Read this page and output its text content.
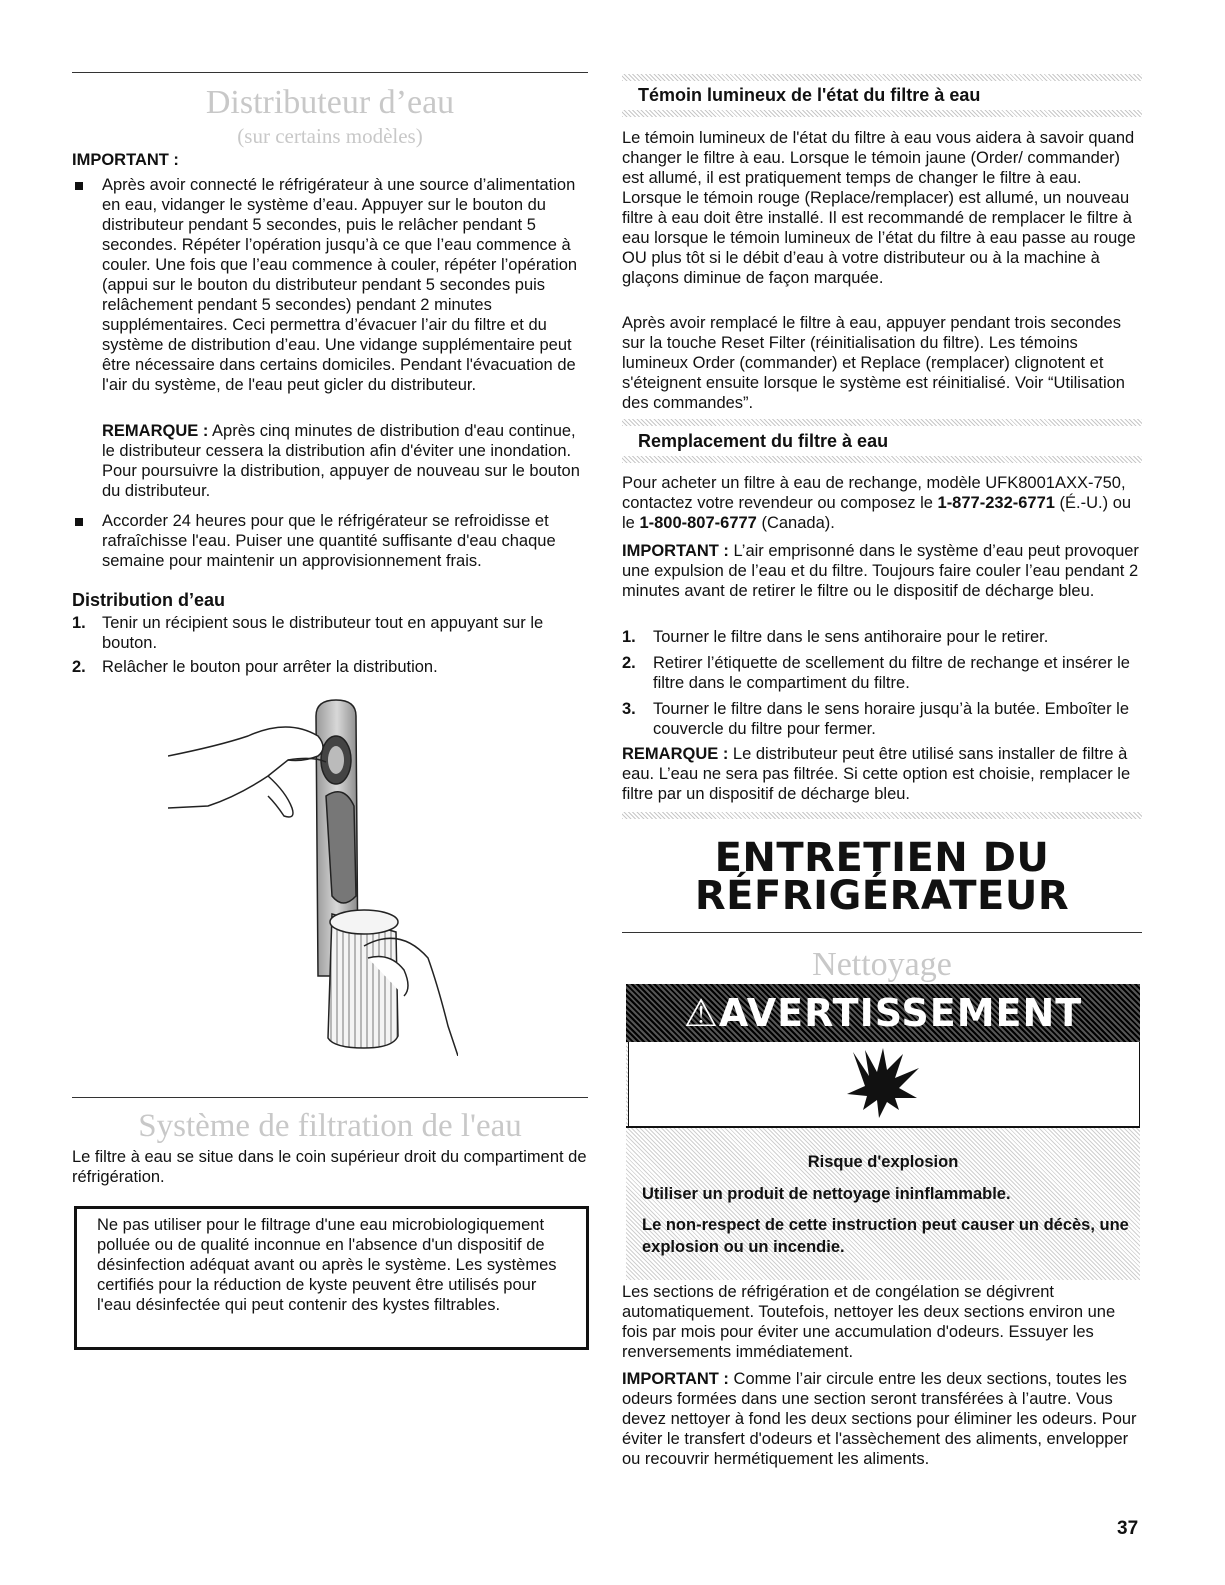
Distributeur d’eau
(sur certains modèles)
IMPORTANT :
Après avoir connecté le réfrigérateur à une source d’alimentation en eau, vidanger le système d’eau. Appuyer sur le bouton du distributeur pendant 5 secondes, puis le relâcher pendant 5 secondes. Répéter l’opération jusqu’à ce que l’eau commence à couler. Une fois que l’eau commence à couler, répéter l’opération (appui sur le bouton du distributeur pendant 5 secondes puis relâchement pendant 5 secondes) pendant 2 minutes supplémentaires. Ceci permettra d’évacuer l’air du filtre et du système de distribution d’eau. Une vidange supplémentaire peut être nécessaire dans certains domiciles. Pendant l'évacuation de l'air du système, de l'eau peut gicler du distributeur.
REMARQUE : Après cinq minutes de distribution d'eau continue, le distributeur cessera la distribution afin d'éviter une inondation. Pour poursuivre la distribution, appuyer de nouveau sur le bouton du distributeur.
Accorder 24 heures pour que le réfrigérateur se refroidisse et rafraîchisse l'eau. Puiser une quantité suffisante d'eau chaque semaine pour maintenir un approvisionnement frais.
Distribution d’eau
1. Tenir un récipient sous le distributeur tout en appuyant sur le bouton.
2. Relâcher le bouton pour arrêter la distribution.
Système de filtration de l'eau
Le filtre à eau se situe dans le coin supérieur droit du compartiment de réfrigération.
Ne pas utiliser pour le filtrage d'une eau microbiologiquement polluée ou de qualité inconnue en l'absence d'un dispositif de désinfection adéquat avant ou après le système. Les systèmes certifiés pour la réduction de kyste peuvent être utilisés pour l'eau désinfectée qui peut contenir des kystes filtrables.
Témoin lumineux de l'état du filtre à eau
Le témoin lumineux de l'état du filtre à eau vous aidera à savoir quand changer le filtre à eau. Lorsque le témoin jaune (Order/ commander) est allumé, il est pratiquement temps de changer le filtre à eau. Lorsque le témoin rouge (Replace/remplacer) est allumé, un nouveau filtre à eau doit être installé. Il est recommandé de remplacer le filtre à eau lorsque le témoin lumineux de l’état du filtre à eau passe au rouge OU plus tôt si le débit d’eau à votre distributeur ou à la machine à glaçons diminue de façon marquée.
Après avoir remplacé le filtre à eau, appuyer pendant trois secondes sur la touche Reset Filter (réinitialisation du filtre). Les témoins lumineux Order (commander) et Replace (remplacer) clignotent et s'éteignent ensuite lorsque le système est réinitialisé. Voir “Utilisation des commandes”.
Remplacement du filtre à eau
Pour acheter un filtre à eau de rechange, modèle UFK8001AXX-750, contactez votre revendeur ou composez le 1-877-232-6771 (É.-U.) ou le 1-800-807-6777 (Canada).
IMPORTANT : L’air emprisonné dans le système d’eau peut provoquer une expulsion de l’eau et du filtre. Toujours faire couler l’eau pendant 2 minutes avant de retirer le filtre ou le dispositif de décharge bleu.
1. Tourner le filtre dans le sens antihoraire pour le retirer.
2. Retirer l’étiquette de scellement du filtre de rechange et insérer le filtre dans le compartiment du filtre.
3. Tourner le filtre dans le sens horaire jusqu’à la butée. Emboîter le couvercle du filtre pour fermer.
REMARQUE : Le distributeur peut être utilisé sans installer de filtre à eau. L’eau ne sera pas filtrée. Si cette option est choisie, remplacer le filtre par un dispositif de décharge bleu.
ENTRETIEN DU
RÉFRIGÉRATEUR
Nettoyage
⚠AVERTISSEMENT
Risque d'explosion
Utiliser un produit de nettoyage ininflammable.
Le non-respect de cette instruction peut causer un décès, une explosion ou un incendie.
Les sections de réfrigération et de congélation se dégivrent automatiquement. Toutefois, nettoyer les deux sections environ une fois par mois pour éviter une accumulation d'odeurs. Essuyer les renversements immédiatement.
IMPORTANT : Comme l’air circule entre les deux sections, toutes les odeurs formées dans une section seront transférées à l’autre. Vous devez nettoyer à fond les deux sections pour éliminer les odeurs. Pour éviter le transfert d'odeurs et l'assèchement des aliments, envelopper ou recouvrir hermétiquement les aliments.
37
